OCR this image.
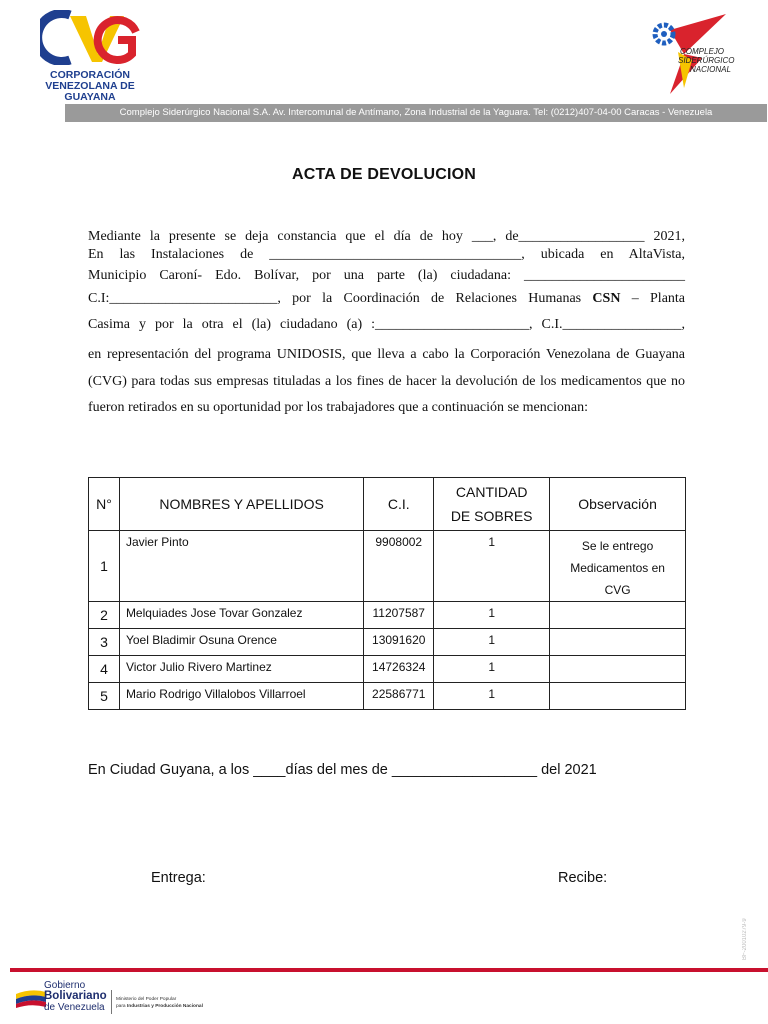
CORPORACIÓN
VENEZOLANA DE GUAYANA
COMPLEJO
SIDERÚRGICO
NACIONAL
Complejo Siderúrgico Nacional S.A. Av. Intercomunal de Antímano, Zona Industrial de la Yaguara. Tel: (0212)407-04-00 Caracas - Venezuela
ACTA DE DEVOLUCION
Mediante la presente se deja constancia que el día de hoy ___, de__________________ 2021,
En las Instalaciones de ____________________________________, ubicada en AltaVista,
Municipio Caroní- Edo. Bolívar, por una parte (la) ciudadana: _______________________
C.I:________________________, por la Coordinación de Relaciones Humanas CSN – Planta
Casima y por la otra el (la) ciudadano (a) :______________________, C.I._________________,
en representación del programa UNIDOSIS, que lleva a cabo la Corporación Venezolana de Guayana (CVG) para todas sus empresas tituladas a los fines de hacer la devolución de los medicamentos que no fueron retirados en su oportunidad por los trabajadores que a continuación se mencionan:
N°	NOMBRES Y APELLIDOS	C.I.	CANTIDAD DE SOBRES	Observación
1	Javier Pinto	9908002	1	Se le entrego Medicamentos en CVG
2	Melquiades Jose Tovar Gonzalez	11207587	1	
3	Yoel Bladimir Osuna Orence	13091620	1	
4	Victor Julio Rivero Martinez	14726324	1	
5	Mario Rodrigo Villalobos Villarroel	22586771	1	
En Ciudad Guyana, a los ____días del mes de __________________ del 2021
Entrega:	Recibe:
BF-20010279-9
Gobierno
Bolivariano
de Venezuela
Ministerio del Poder Popular
para Industrias y Producción Nacional
